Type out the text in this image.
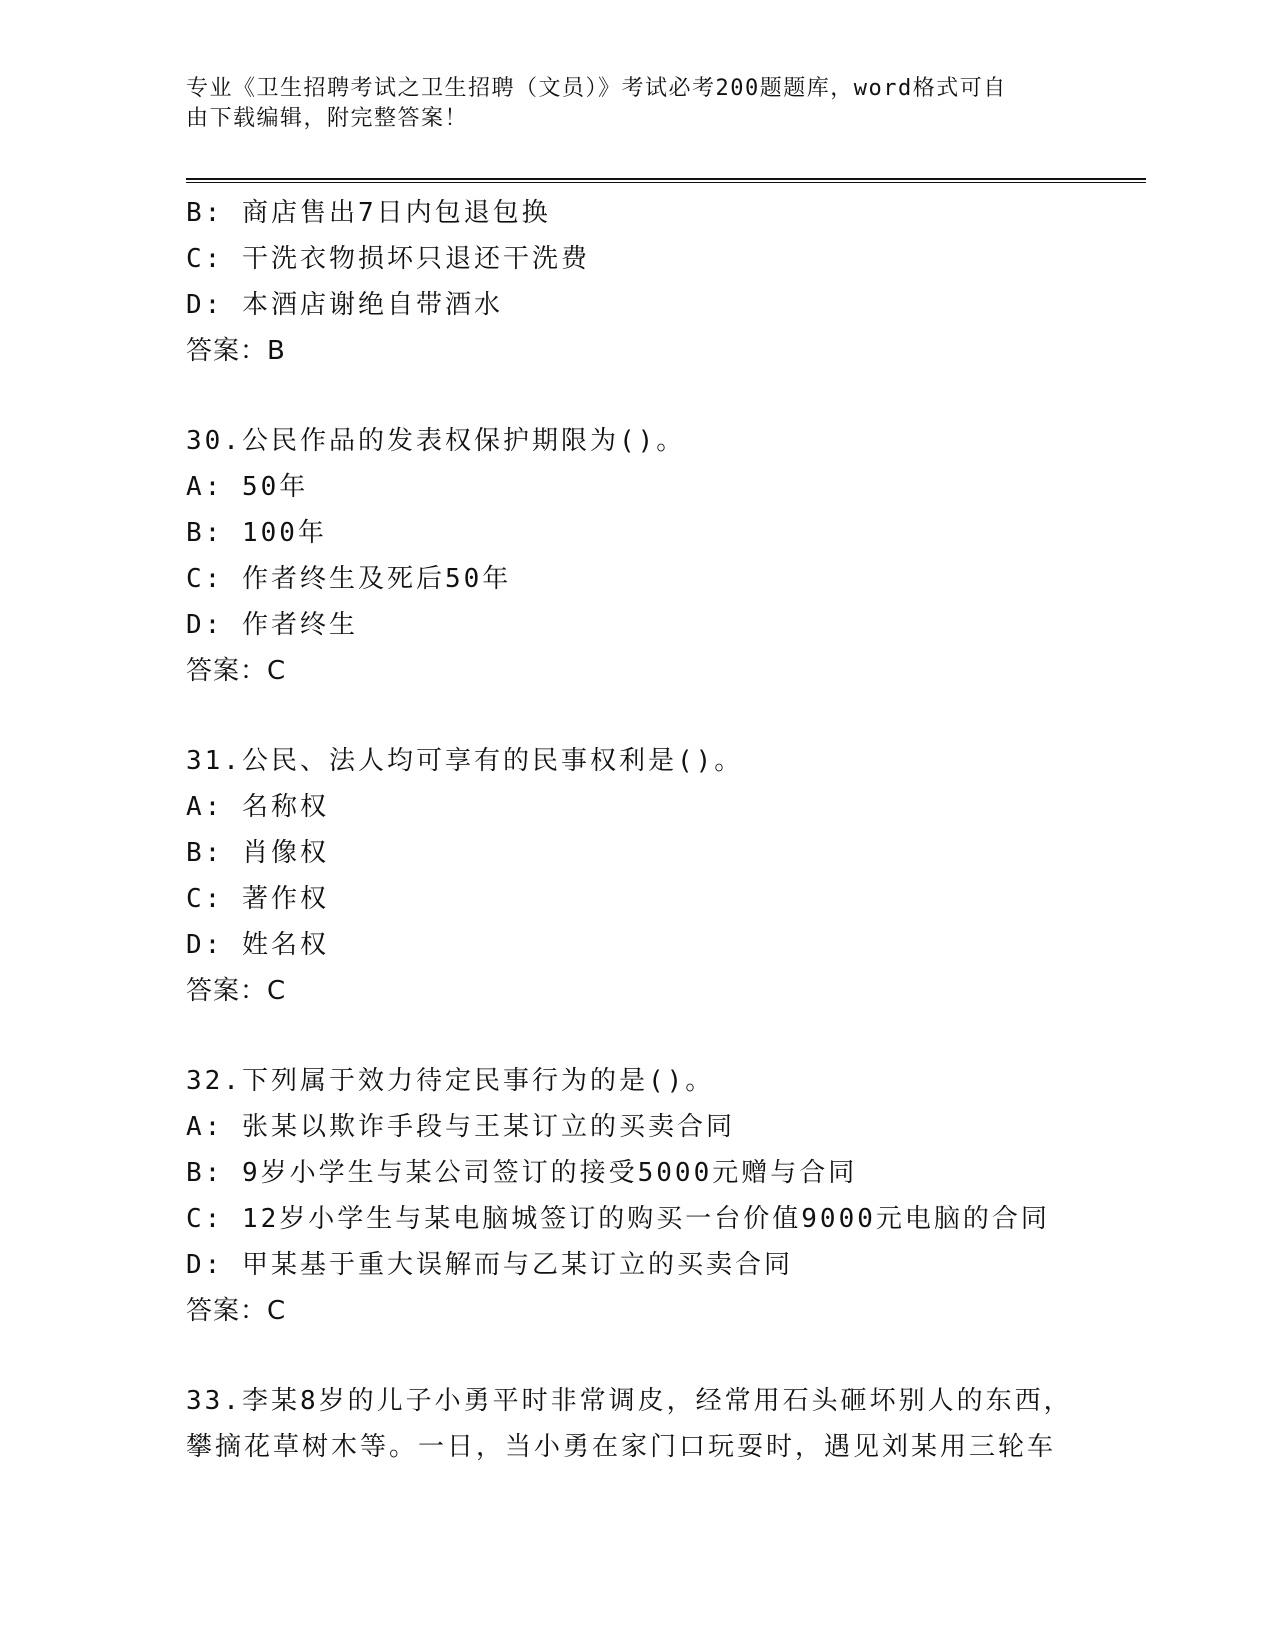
专业《卫生招聘考试之卫生招聘（文员）》考试必考200题题库，word格式可自
由下载编辑，附完整答案！
B: 商店售出7日内包退包换
C: 干洗衣物损坏只退还干洗费
D: 本酒店谢绝自带酒水
答案：B
30.公民作品的发表权保护期限为()。
A: 50年
B: 100年
C: 作者终生及死后50年
D: 作者终生
答案：C
31.公民、法人均可享有的民事权利是()。
A: 名称权
B: 肖像权
C: 著作权
D: 姓名权
答案：C
32.下列属于效力待定民事行为的是()。
A: 张某以欺诈手段与王某订立的买卖合同
B: 9岁小学生与某公司签订的接受5000元赠与合同
C: 12岁小学生与某电脑城签订的购买一台价值9000元电脑的合同
D: 甲某基于重大误解而与乙某订立的买卖合同
答案：C
33.李某8岁的儿子小勇平时非常调皮，经常用石头砸坏别人的东西，
攀摘花草树木等。一日，当小勇在家门口玩耍时，遇见刘某用三轮车
